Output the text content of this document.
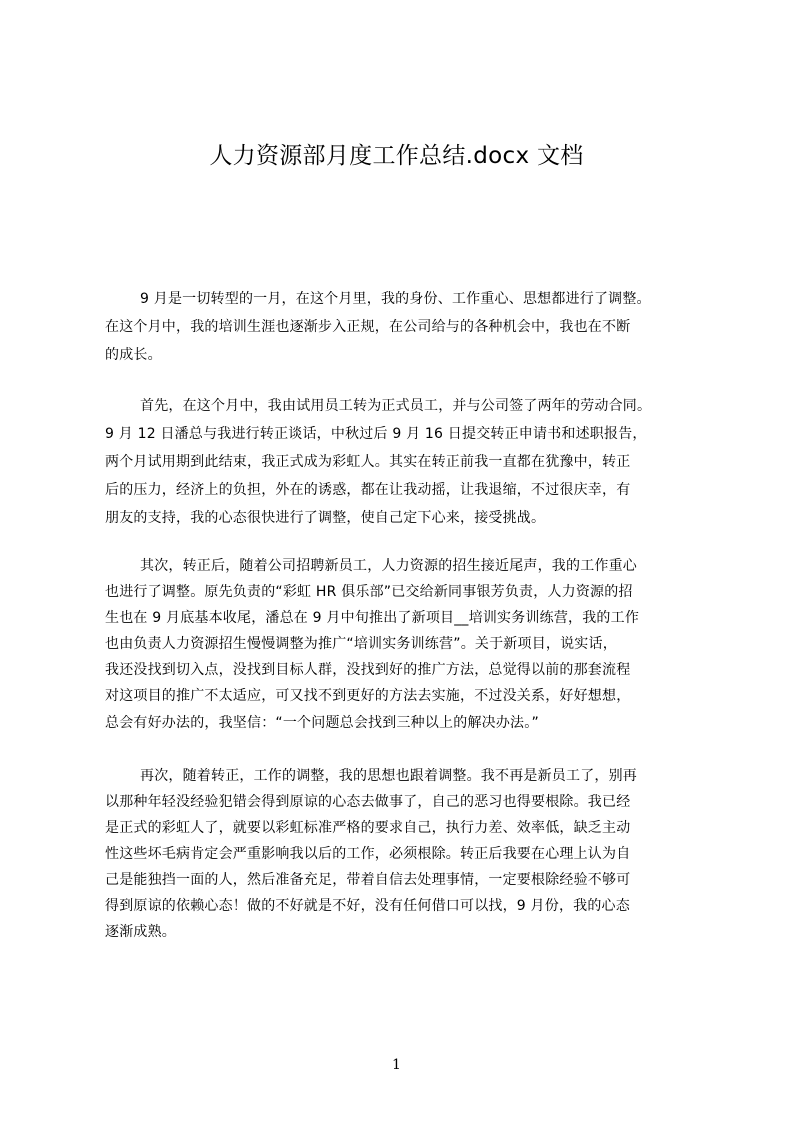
人力资源部月度工作总结.docx 文档
9 月是一切转型的一月，在这个月里，我的身份、工作重心、思想都进行了调整。
在这个月中，我的培训生涯也逐渐步入正规，在公司给与的各种机会中，我也在不断
的成长。
首先，在这个月中，我由试用员工转为正式员工，并与公司签了两年的劳动合同。
9 月 12 日潘总与我进行转正谈话，中秋过后 9 月 16 日提交转正申请书和述职报告，
两个月试用期到此结束，我正式成为彩虹人。其实在转正前我一直都在犹豫中，转正
后的压力，经济上的负担，外在的诱惑，都在让我动摇，让我退缩，不过很庆幸，有
朋友的支持，我的心态很快进行了调整，使自己定下心来，接受挑战。
其次，转正后，随着公司招聘新员工，人力资源的招生接近尾声，我的工作重心
也进行了调整。原先负责的“彩虹 HR 俱乐部”已交给新同事银芳负责，人力资源的招
生也在 9 月底基本收尾，潘总在 9 月中旬推出了新项目__培训实务训练营，我的工作
也由负责人力资源招生慢慢调整为推广“培训实务训练营”。关于新项目，说实话，
我还没找到切入点，没找到目标人群，没找到好的推广方法，总觉得以前的那套流程
对这项目的推广不太适应，可又找不到更好的方法去实施，不过没关系，好好想想，
总会有好办法的，我坚信：“一个问题总会找到三种以上的解决办法。”
再次，随着转正，工作的调整，我的思想也跟着调整。我不再是新员工了，别再
以那种年轻没经验犯错会得到原谅的心态去做事了，自己的恶习也得要根除。我已经
是正式的彩虹人了，就要以彩虹标准严格的要求自己，执行力差、效率低，缺乏主动
性这些坏毛病肯定会严重影响我以后的工作，必须根除。转正后我要在心理上认为自
己是能独挡一面的人，然后准备充足，带着自信去处理事情，一定要根除经验不够可
得到原谅的依赖心态！做的不好就是不好，没有任何借口可以找，9 月份，我的心态
逐渐成熟。
1
